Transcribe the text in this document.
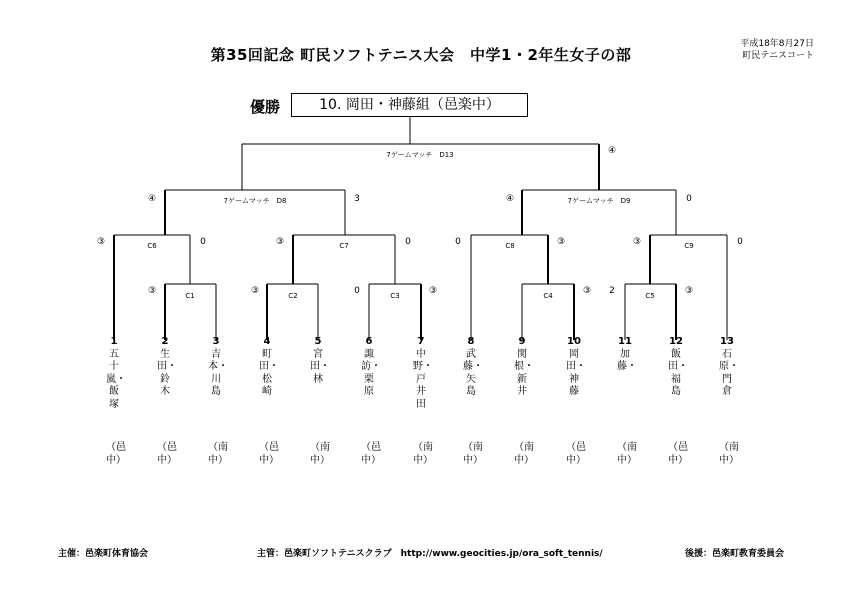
第35回記念 町民ソフトテニス大会　中学1・2年生女子の部
平成18年8月27日
町民テニスコート
優勝	10. 岡田・神藤組（邑楽中）
7ゲームマッチ　D13
7ゲームマッチ　D8	7ゲームマッチ　D9
C6	C7	C8	C9
C1	C2	C3	C4	C5
④
④	3	④	0
③	0	③	0	0	③	③	0
③	③	0	③	③ 2	③
1
五十嵐・飯塚
（邑中）
2
生田・鈴木
（邑中）
3
吉本・川島
（南中）
4
町田・松崎
（邑中）
5
宮田・林
（南中）
6
諏訪・栗原
（邑中）
7
中野・戸井田
（南中）
8
武藤・矢島
（南中）
9
関根・新井
（南中）
10
岡田・神藤
（邑中）
11
加藤・
（南中）
12
飯田・福島
（邑中）
13
石原・門倉
（南中）
主催：邑楽町体育協会	主管：邑楽町ソフトテニスクラブ　http://www.geocities.jp/ora_soft_tennis/	後援：邑楽町教育委員会
